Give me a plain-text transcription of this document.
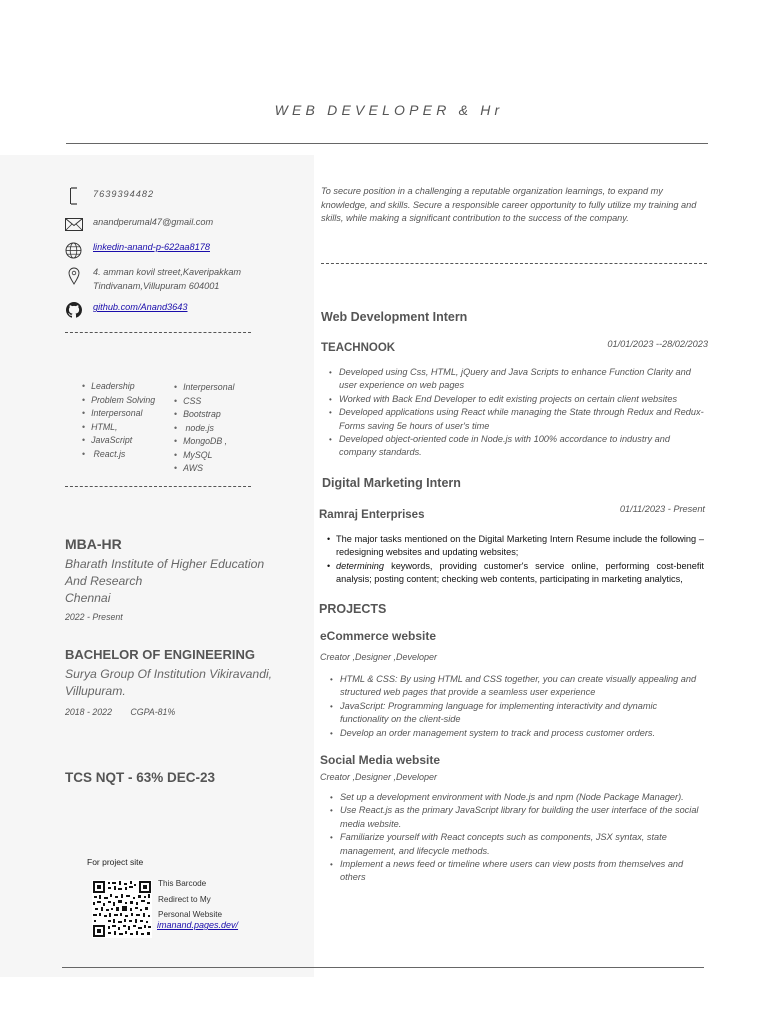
WEB DEVELOPER & Hr
7639394482
anandperumal47@gmail.com
linkedin-anand-p-622aa8178
4. amman kovil street,Kaveripakkam
Tindivanam,Villupuram 604001
github.com/Anand3643
• Leadership
• Problem Solving
• Interpersonal
• HTML,
• JavaScript
• React.js
• Interpersonal
• CSS
• Bootstrap
• node.js
• MongoDB ,
• MySQL
• AWS
MBA-HR
Bharath Institute of Higher Education
And Research
Chennai
2022 - Present
BACHELOR OF ENGINEERING
Surya Group Of Institution Vikiravandi,
Villupuram.
2018 - 2022 CGPA-81%
TCS NQT - 63% DEC-23
For project site
This Barcode
Redirect to My
Personal Website
imanand.pages.dev/
To secure position in a challenging a reputable organization learnings, to expand my knowledge, and skills. Secure a responsible career opportunity to fully utilize my training and skills, while making a significant contribution to the success of the company.
Web Development Intern
TEACHNOOK	01/01/2023 --28/02/2023
• Developed using Css, HTML, jQuery and Java Scripts to enhance Function Clarity and user experience on web pages
• Worked with Back End Developer to edit existing projects on certain client websites
• Developed applications using React while managing the State through Redux and Redux-Forms saving 5e hours of user's time
• Developed object-oriented code in Node.js with 100% accordance to industry and company standards.
Digital Marketing Intern
01/11/2023 - Present
Ramraj Enterprises
• The major tasks mentioned on the Digital Marketing Intern Resume include the following – redesigning websites and updating websites;
• determining keywords, providing customer's service online, performing cost-benefit analysis; posting content; checking web contents, participating in marketing analytics,
PROJECTS
eCommerce website
Creator ,Designer ,Developer
• HTML & CSS: By using HTML and CSS together, you can create visually appealing and structured web pages that provide a seamless user experience
• JavaScript: Programming language for implementing interactivity and dynamic functionality on the client-side
• Develop an order management system to track and process customer orders.
Social Media website
Creator ,Designer ,Developer
• Set up a development environment with Node.js and npm (Node Package Manager).
• Use React.js as the primary JavaScript library for building the user interface of the social media website.
• Familiarize yourself with React concepts such as components, JSX syntax, state management, and lifecycle methods.
• Implement a news feed or timeline where users can view posts from themselves and others
